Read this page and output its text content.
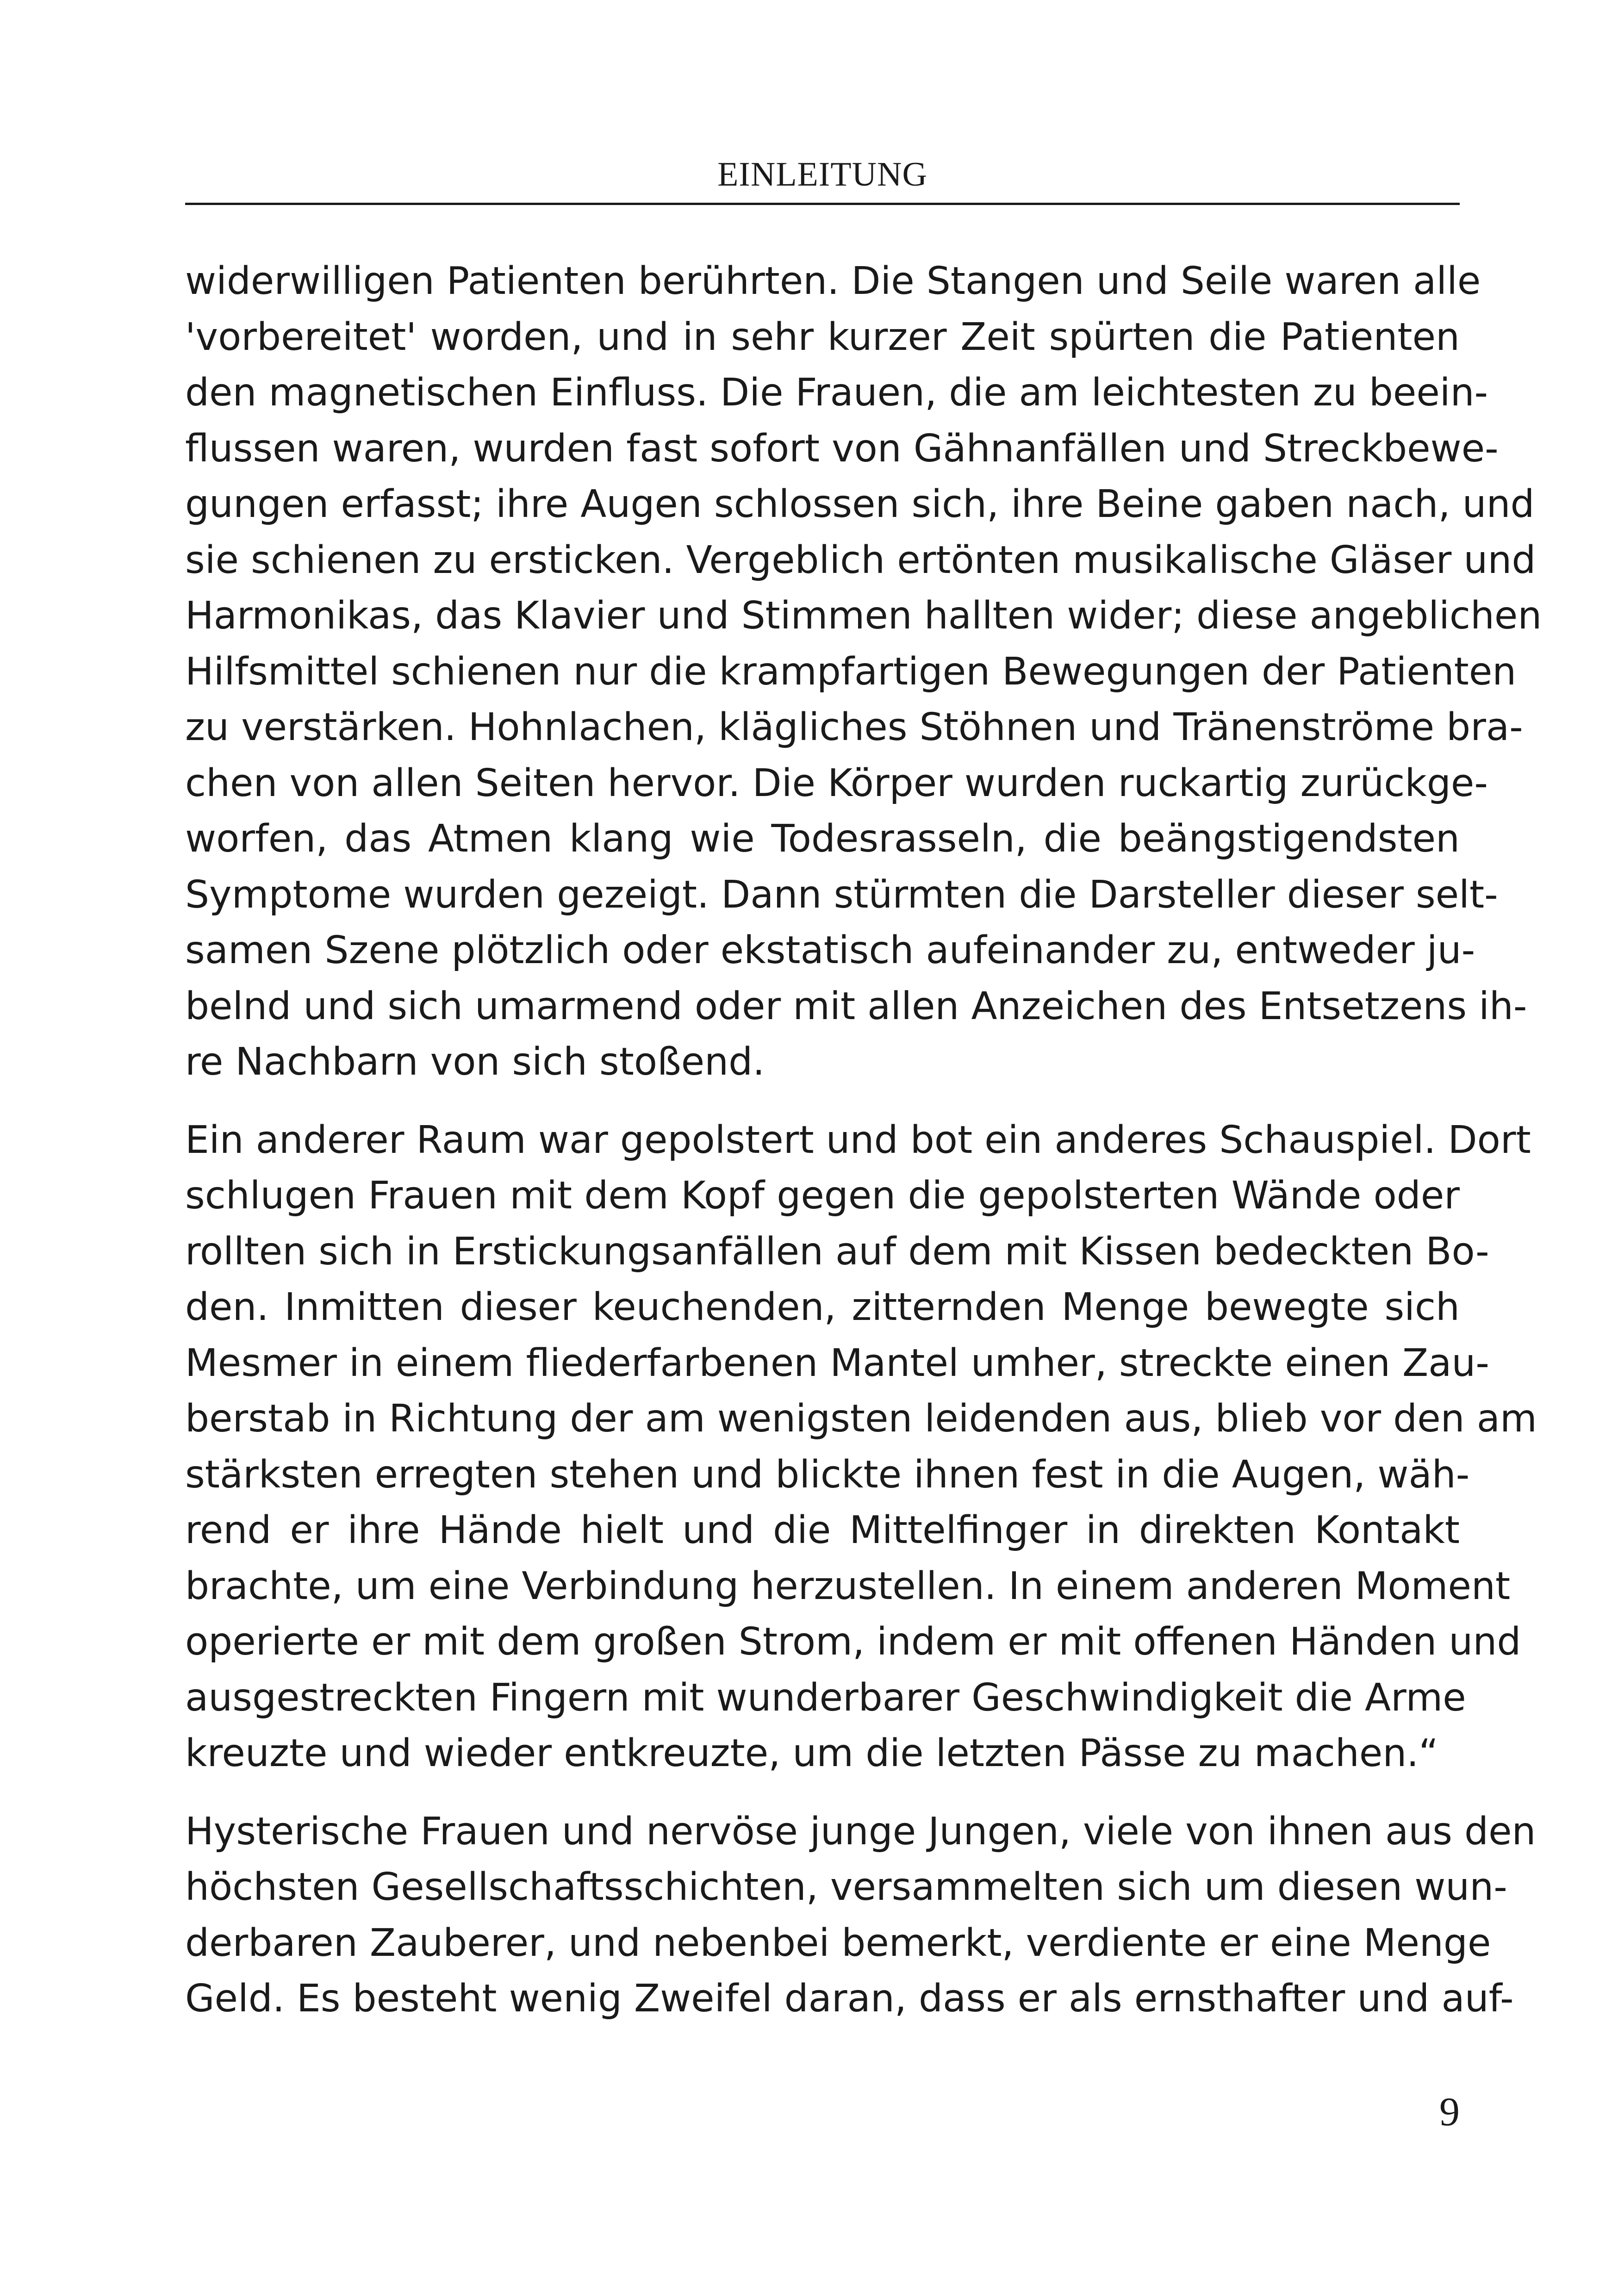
EINLEITUNG

widerwilligen Patienten berührten. Die Stangen und Seile waren alle
'vorbereitet' worden, und in sehr kurzer Zeit spürten die Patienten
den magnetischen Einfluss. Die Frauen, die am leichtesten zu beein-
flussen waren, wurden fast sofort von Gähnanfällen und Streckbewe-
gungen erfasst; ihre Augen schlossen sich, ihre Beine gaben nach, und
sie schienen zu ersticken. Vergeblich ertönten musikalische Gläser und
Harmonikas, das Klavier und Stimmen hallten wider; diese angeblichen
Hilfsmittel schienen nur die krampfartigen Bewegungen der Patienten
zu verstärken. Hohnlachen, klägliches Stöhnen und Tränenströme bra-
chen von allen Seiten hervor. Die Körper wurden ruckartig zurückge-
worfen, das Atmen klang wie Todesrasseln, die beängstigendsten
Symptome wurden gezeigt. Dann stürmten die Darsteller dieser selt-
samen Szene plötzlich oder ekstatisch aufeinander zu, entweder ju-
belnd und sich umarmend oder mit allen Anzeichen des Entsetzens ih-
re Nachbarn von sich stoßend.

Ein anderer Raum war gepolstert und bot ein anderes Schauspiel. Dort
schlugen Frauen mit dem Kopf gegen die gepolsterten Wände oder
rollten sich in Erstickungsanfällen auf dem mit Kissen bedeckten Bo-
den. Inmitten dieser keuchenden, zitternden Menge bewegte sich
Mesmer in einem fliederfarbenen Mantel umher, streckte einen Zau-
berstab in Richtung der am wenigsten leidenden aus, blieb vor den am
stärksten erregten stehen und blickte ihnen fest in die Augen, wäh-
rend er ihre Hände hielt und die Mittelfinger in direkten Kontakt
brachte, um eine Verbindung herzustellen. In einem anderen Moment
operierte er mit dem großen Strom, indem er mit offenen Händen und
ausgestreckten Fingern mit wunderbarer Geschwindigkeit die Arme
kreuzte und wieder entkreuzte, um die letzten Pässe zu machen.“

Hysterische Frauen und nervöse junge Jungen, viele von ihnen aus den
höchsten Gesellschaftsschichten, versammelten sich um diesen wun-
derbaren Zauberer, und nebenbei bemerkt, verdiente er eine Menge
Geld. Es besteht wenig Zweifel daran, dass er als ernsthafter und auf-

9
